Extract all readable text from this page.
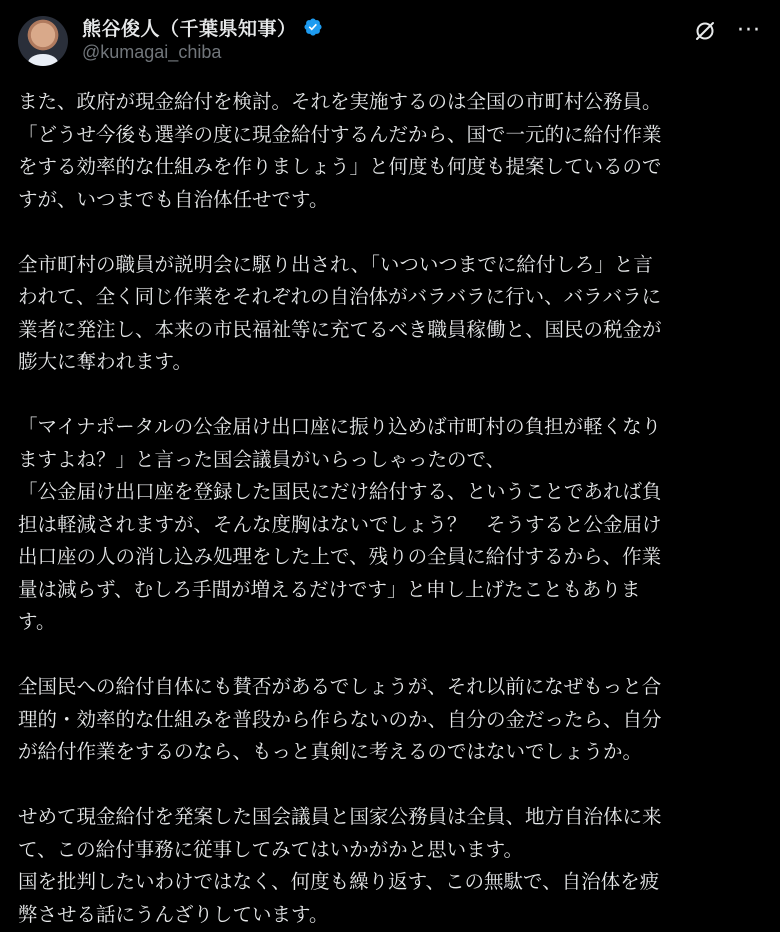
熊谷俊人（千葉県知事）
@kumagai_chiba
···
また、政府が現金給付を検討。それを実施するのは全国の市町村公務員。
「どうせ今後も選挙の度に現金給付するんだから、国で一元的に給付作業
をする効率的な仕組みを作りましょう」と何度も何度も提案しているので
すが、いつまでも自治体任せです。
全市町村の職員が説明会に駆り出され、「いついつまでに給付しろ」と言
われて、全く同じ作業をそれぞれの自治体がバラバラに行い、バラバラに
業者に発注し、本来の市民福祉等に充てるべき職員稼働と、国民の税金が
膨大に奪われます。
「マイナポータルの公金届け出口座に振り込めば市町村の負担が軽くなり
ますよね？」と言った国会議員がいらっしゃったので、
「公金届け出口座を登録した国民にだけ給付する、ということであれば負
担は軽減されますが、そんな度胸はないでしょう？　そうすると公金届け
出口座の人の消し込み処理をした上で、残りの全員に給付するから、作業
量は減らず、むしろ手間が増えるだけです」と申し上げたこともありま
す。
全国民への給付自体にも賛否があるでしょうが、それ以前になぜもっと合
理的・効率的な仕組みを普段から作らないのか、自分の金だったら、自分
が給付作業をするのなら、もっと真剣に考えるのではないでしょうか。
せめて現金給付を発案した国会議員と国家公務員は全員、地方自治体に来
て、この給付事務に従事してみてはいかがかと思います。
国を批判したいわけではなく、何度も繰り返す、この無駄で、自治体を疲
弊させる話にうんざりしています。
